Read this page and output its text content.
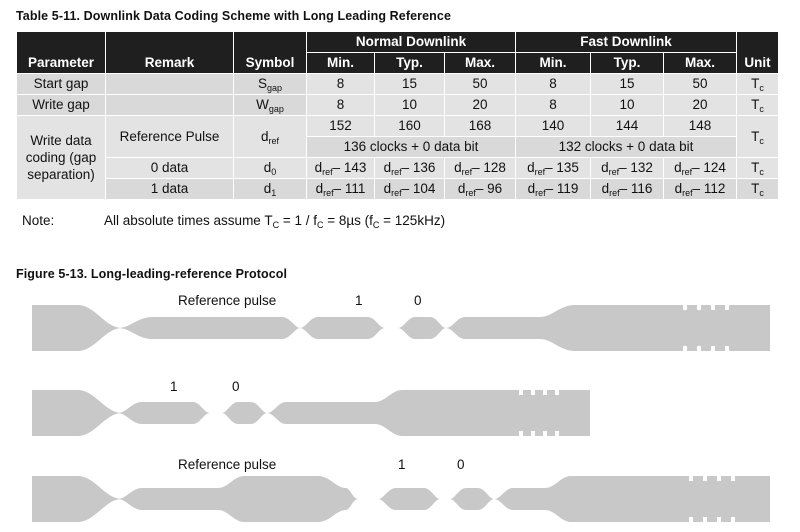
Table 5-11. Downlink Data Coding Scheme with Long Leading Reference
Parameter	Remark	Symbol	Normal Downlink			Fast Downlink			Unit
			Min.	Typ.	Max.	Min.	Typ.	Max.	
Start gap		$S_{gap}$	8	15	50	8	15	50	$T_c$
Write gap		$W_{gap}$	8	10	20	8	10	20	$T_c$
Write data coding (gap separation)	Reference Pulse	$d_{ref}$	152	160	168	140	144	148	$T_c$
			136 clocks + 0 data bit			132 clocks + 0 data bit			
	0 data	$d_0$	$d_{ref}-$ 143	$d_{ref}-$ 136	$d_{ref}-$ 128	$d_{ref}-$ 135	$d_{ref}-$ 132	$d_{ref}-$ 124	$T_c$
	1 data	$d_1$	$d_{ref}-$ 111	$d_{ref}-$ 104	$d_{ref}-$ 96	$d_{ref}-$ 119	$d_{ref}-$ 116	$d_{ref}-$ 112	$T_c$
Note:	All absolute times assume $T_C = 1 / f_C = 8\mu s$ $(f_C = 125kHz)$
Figure 5-13. Long-leading-reference Protocol
Reference pulse	1	0
1	0
Reference pulse	1	0
